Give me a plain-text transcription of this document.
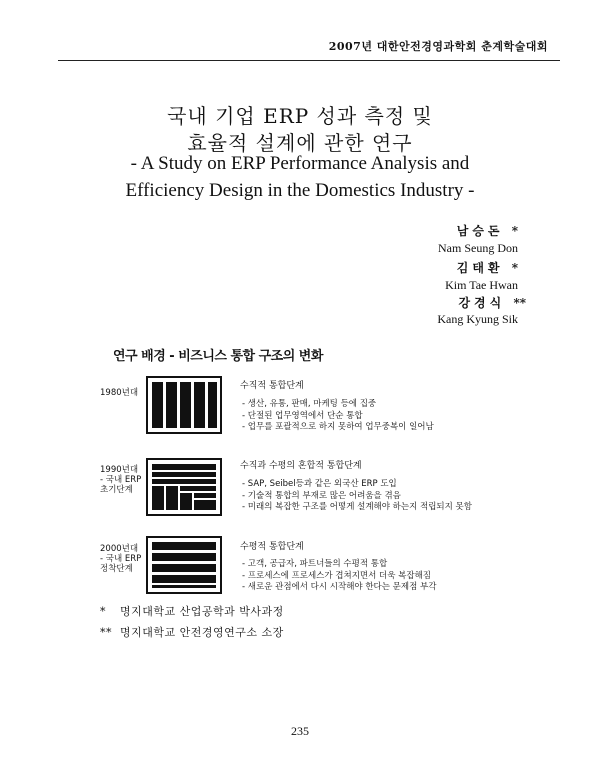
2007년 대한안전경영과학회 춘계학술대회
국내 기업 ERP 성과 측정 및
효율적 설계에 관한 연구
- A Study on ERP Performance Analysis and
Efficiency Design in the Domestics Industry -
남승돈 *
Nam Seung Don
김태환 *
Kim Tae Hwan
강경식 **
Kang Kyung Sik
연구 배경 - 비즈니스 통합 구조의 변화
1980년대
수직적 통합단계
- 생산, 유통, 판매, 마케팅 등에 집중
- 단절된 업무영역에서 단순 통합
- 업무를 포괄적으로 하지 못하여 업무중복이 일어남
1990년대
- 국내 ERP
초기단계
수직과 수평의 혼합적 통합단계
- SAP, Seibel등과 같은 외국산 ERP 도입
- 기술적 통합의 부재로 많은 어려움을 겪음
- 미래의 복잡한 구조를 어떻게 설계해야 하는지 적립되지 못함
2000년대
- 국내 ERP
정착단계
수평적 통합단계
- 고객, 공급자, 파트너들의 수평적 통합
- 프로세스에 프로세스가 겹쳐지면서 더욱 복잡해짐
- 새로운 관점에서 다시 시작해야 한다는 문제점 부각
* 명지대학교 산업공학과 박사과정
** 명지대학교 안전경영연구소 소장
235
